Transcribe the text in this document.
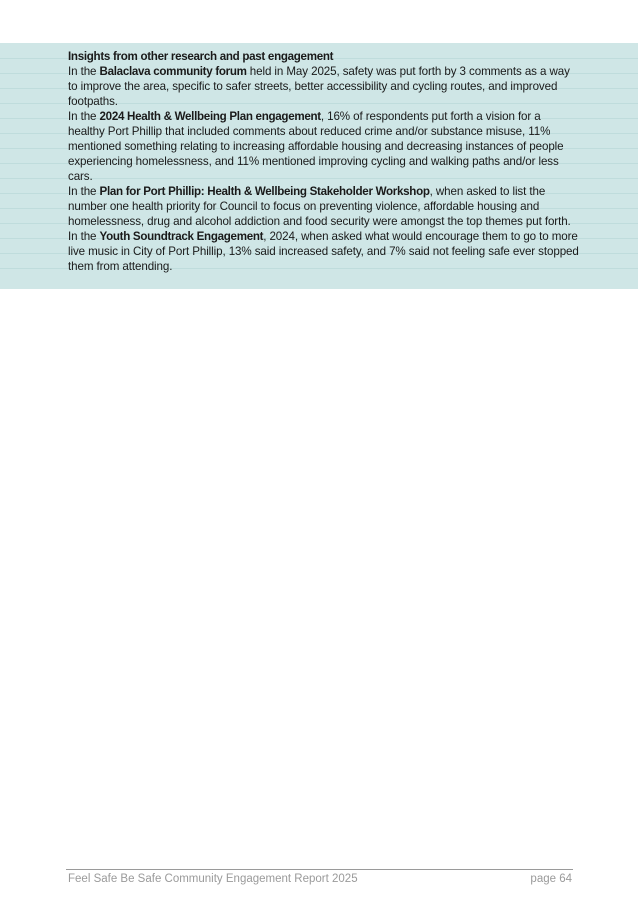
Insights from other research and past engagement

In the Balaclava community forum held in May 2025, safety was put forth by 3 comments as a way to improve the area, specific to safer streets, better accessibility and cycling routes, and improved footpaths.

In the 2024 Health & Wellbeing Plan engagement, 16% of respondents put forth a vision for a healthy Port Phillip that included comments about reduced crime and/or substance misuse, 11% mentioned something relating to increasing affordable housing and decreasing instances of people experiencing homelessness, and 11% mentioned improving cycling and walking paths and/or less cars.

In the Plan for Port Phillip: Health & Wellbeing Stakeholder Workshop, when asked to list the number one health priority for Council to focus on preventing violence, affordable housing and homelessness, drug and alcohol addiction and food security were amongst the top themes put forth.

In the Youth Soundtrack Engagement, 2024, when asked what would encourage them to go to more live music in City of Port Phillip, 13% said increased safety, and 7% said not feeling safe ever stopped them from attending.

Feel Safe Be Safe Community Engagement Report 2025	page 64
